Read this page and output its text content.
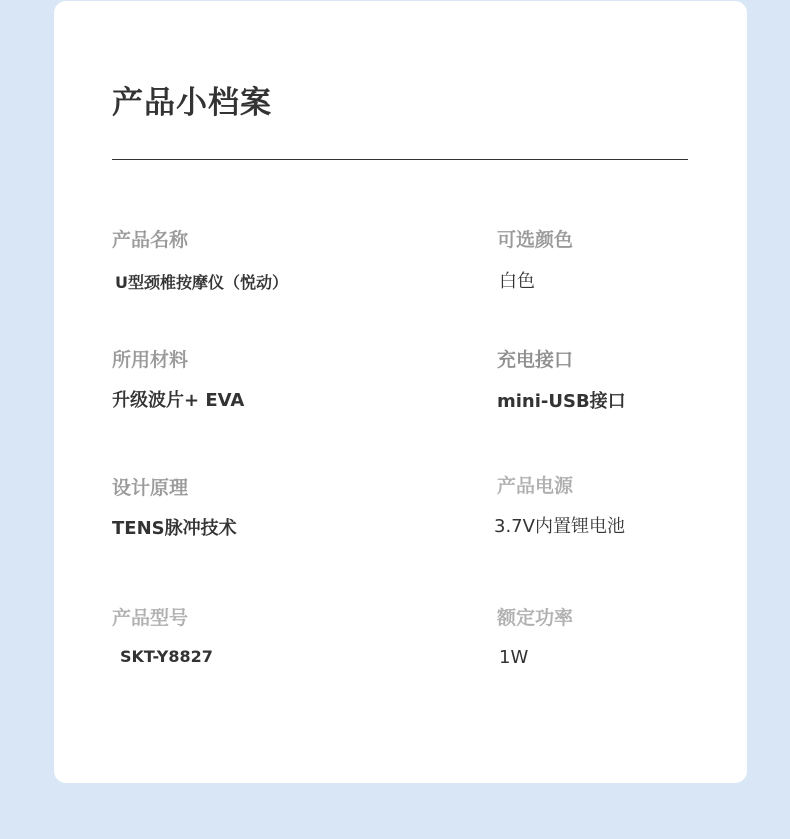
产品小档案
产品名称
U型颈椎按摩仪（悦动）
可选颜色
白色
所用材料
升级波片+ EVA
充电接口
mini-USB接口
设计原理
TENS脉冲技术
产品电源
3.7V内置锂电池
产品型号
SKT-Y8827
额定功率
1W
